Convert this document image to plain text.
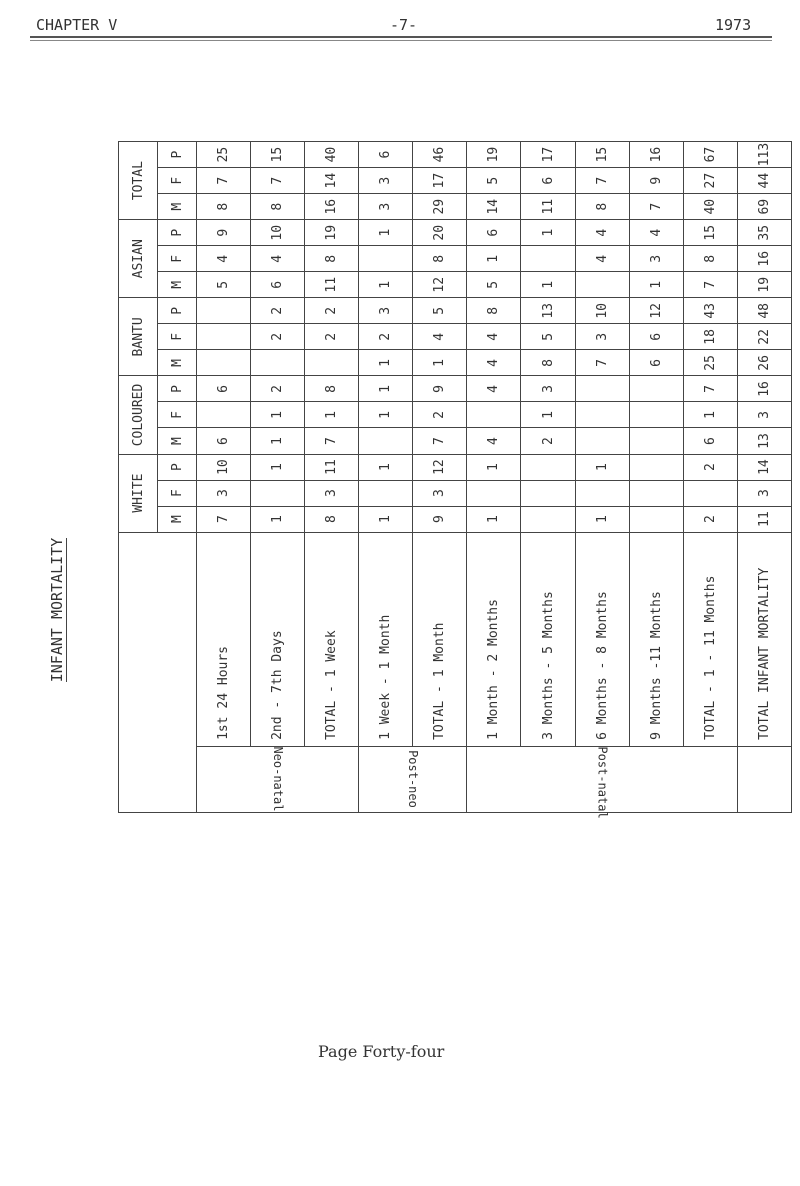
CHAPTER V	-7-	1973
INFANT MORTALITY
		WHITE			COLOURED			BANTU			ASIAN			TOTAL		
		M	F	P	M	F	P	M	F	P	M	F	P	M	F	P
Neo-natal	1st 24 Hours	7	3	10	6		6				5	4	9	8	7	25
	2nd - 7th Days	1		1	1	1	2		2	2	6	4	10	8	7	15
	TOTAL - 1 Week	8	3	11	7	1	8		2	2	11	8	19	16	14	40
Post-neo	1 Week - 1 Month	1		1		1	1	1	2	3	1		1	3	3	6
	TOTAL - 1 Month	9	3	12	7	2	9	1	4	5	12	8	20	29	17	46
Post-natal	1 Month - 2 Months	1		1	4		4	4	4	8	5	1	6	14	5	19
	3 Months - 5 Months				2	1	3	8	5	13	1		1	11	6	17
	6 Months - 8 Months	1		1				7	3	10		4	4	8	7	15
	9 Months -11 Months							6	6	12	1	3	4	7	9	16
	TOTAL - 1 - 11 Months	2		2	6	1	7	25	18	43	7	8	15	40	27	67
	TOTAL INFANT MORTALITY	11	3	14	13	3	16	26	22	48	19	16	35	69	44	113
Page Forty-four
